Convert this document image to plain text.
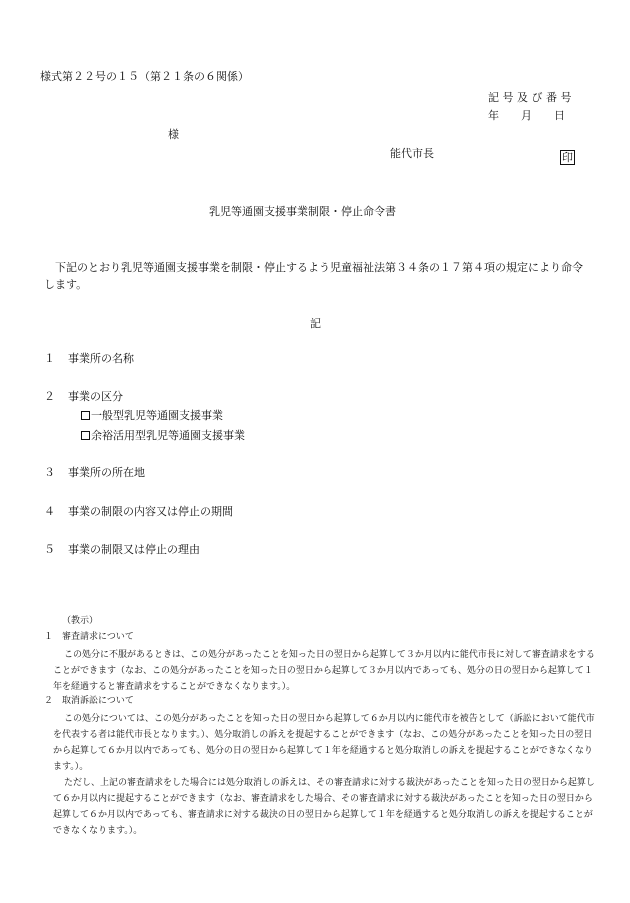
様式第２２号の１５（第２１条の６関係）
記 号 及 び 番 号
年　　月　　日
様
能代市長	印
乳児等通園支援事業制限・停止命令書
下記のとおり乳児等通園支援事業を制限・停止するよう児童福祉法第３４条の１７第４項の規定により命令します。
記
１ 事業所の名称
２ 事業の区分
一般型乳児等通園支援事業
余裕活用型乳児等通園支援事業
３ 事業所の所在地
４ 事業の制限の内容又は停止の期間
５ 事業の制限又は停止の理由
（教示）
１　審査請求について
この処分に不服があるときは、この処分があったことを知った日の翌日から起算して３か月以内に能代市長に対して審査請求をすることができます（なお、この処分があったことを知った日の翌日から起算して３か月以内であっても、処分の日の翌日から起算して１年を経過すると審査請求をすることができなくなります。）。
２　取消訴訟について
この処分については、この処分があったことを知った日の翌日から起算して６か月以内に能代市を被告として（訴訟において能代市を代表する者は能代市長となります。）、処分取消しの訴えを提起することができます（なお、この処分があったことを知った日の翌日から起算して６か月以内であっても、処分の日の翌日から起算して１年を経過すると処分取消しの訴えを提起することができなくなります。）。
ただし、上記の審査請求をした場合には処分取消しの訴えは、その審査請求に対する裁決があったことを知った日の翌日から起算して６か月以内に提起することができます（なお、審査請求をした場合、その審査請求に対する裁決があったことを知った日の翌日から起算して６か月以内であっても、審査請求に対する裁決の日の翌日から起算して１年を経過すると処分取消しの訴えを提起することができなくなります。）。
